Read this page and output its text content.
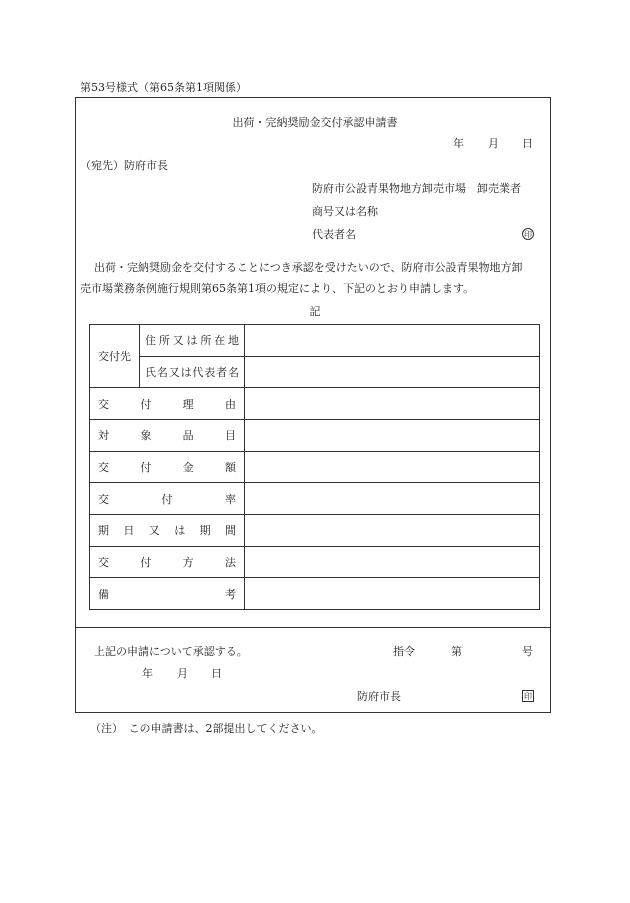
第53号様式（第65条第1項関係）
出荷・完納奨励金交付承認申請書
年 月 日
（宛先）防府市長
防府市公設青果物地方卸売市場　卸売業者
商号又は名称
代表者名	印
出荷・完納奨励金を交付することにつき承認を受けたいので、防府市公設青果物地方卸
売市場業務条例施行規則第65条第1項の規定により、下記のとおり申請します。
記
交付先	住所又は所在地	
	氏名又は代表者名	
交付理由		
対象品目		
交付金額		
交付率		
期日又は期間		
交付方法		
備考		
上記の申請について承認する。	指令	第	号
年 月 日
防府市長	印
（注）　この申請書は、2部提出してください。
